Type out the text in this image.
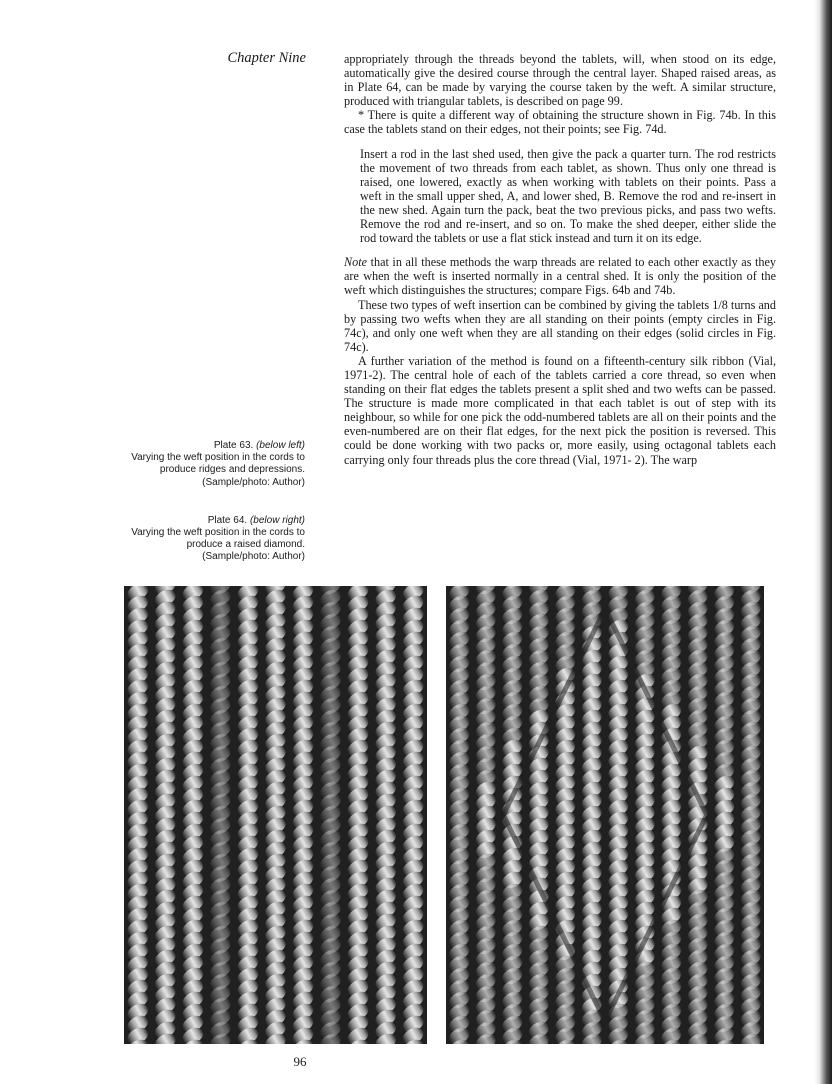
Chapter Nine	appropriately through the threads beyond the tablets, will, when stood on its edge, automatically give the desired course through the central layer. Shaped raised areas, as in Plate 64, can be made by varying the course taken by the weft. A similar structure, produced with triangular tablets, is described on page 99.

* There is quite a different way of obtaining the structure shown in Fig. 74b. In this case the tablets stand on their edges, not their points; see Fig. 74d.

Insert a rod in the last shed used, then give the pack a quarter turn. The rod restricts the movement of two threads from each tablet, as shown. Thus only one thread is raised, one lowered, exactly as when working with tablets on their points. Pass a weft in the small upper shed, A, and lower shed, B. Remove the rod and re-insert in the new shed. Again turn the pack, beat the two previous picks, and pass two wefts. Remove the rod and re-insert, and so on. To make the shed deeper, either slide the rod toward the tablets or use a flat stick instead and turn it on its edge.

Note that in all these methods the warp threads are related to each other exactly as they are when the weft is inserted normally in a central shed. It is only the position of the weft which distinguishes the structures; compare Figs. 64b and 74b.

These two types of weft insertion can be combined by giving the tablets 1/8 turns and by passing two wefts when they are all standing on their points (empty circles in Fig. 74c), and only one weft when they are all standing on their edges (solid circles in Fig. 74c).

A further variation of the method is found on a fifteenth-century silk ribbon (Vial, 1971-2). The central hole of each of the tablets carried a core thread, so even when standing on their flat edges the tablets present a split shed and two wefts can be passed. The structure is made more complicated in that each tablet is out of step with its neighbour, so while for one pick the odd-numbered tablets are all on their points and the even-numbered are on their flat edges, for the next pick the position is reversed. This could be done working with two packs or, more easily, using octagonal tablets each carrying only four threads plus the core thread (Vial, 1971- 2). The warp

Plate 63. (below left)
Varying the weft position in the cords to produce ridges and depressions.
(Sample/photo: Author)
Plate 64. (below right)
Varying the weft position in the cords to produce a raised diamond.
(Sample/photo: Author)
96
